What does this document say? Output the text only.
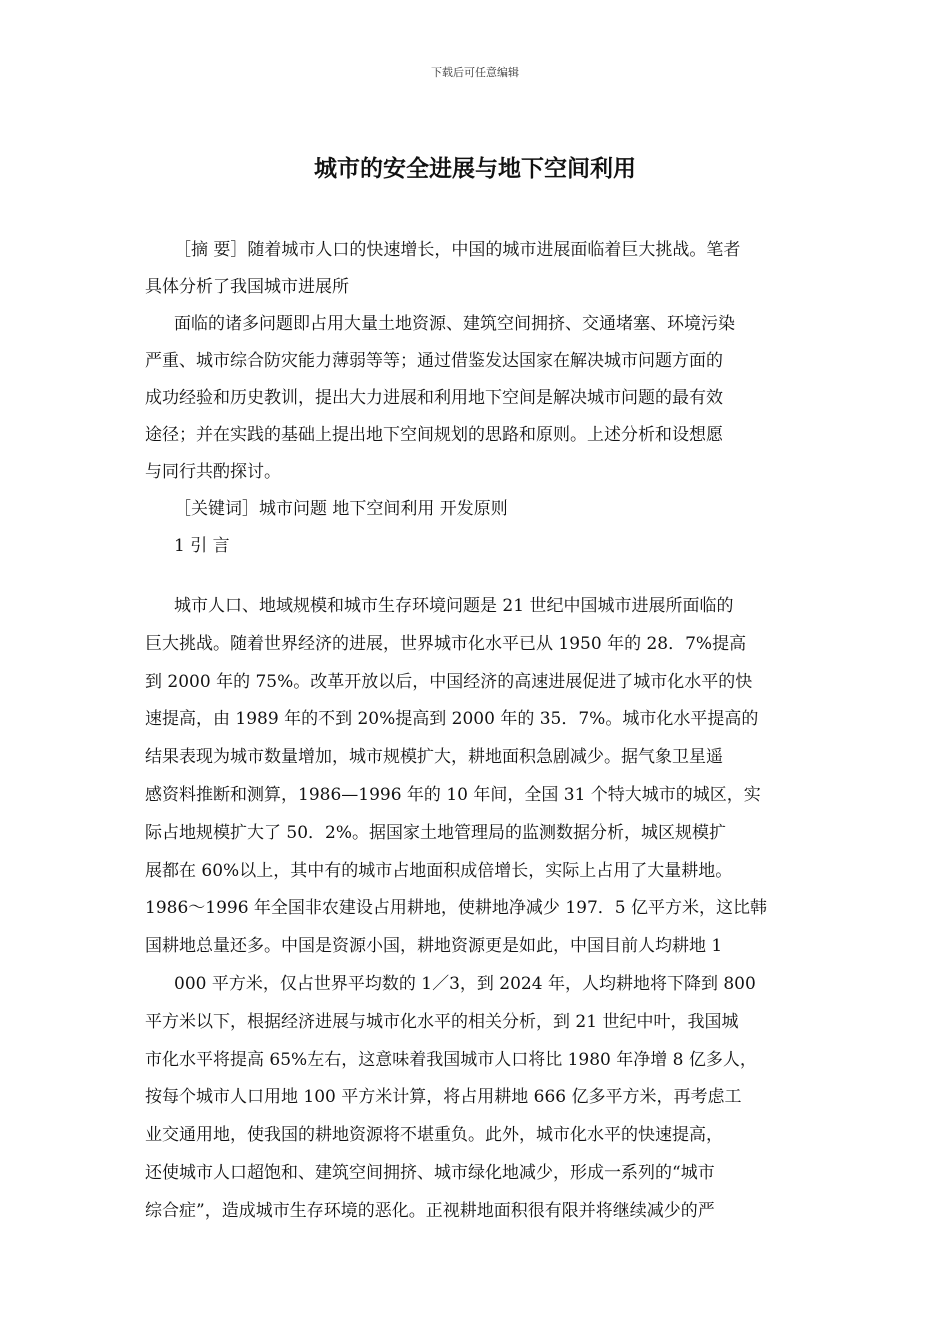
下载后可任意编辑
城市的安全进展与地下空间利用
［摘 要］随着城市人口的快速增长，中国的城市进展面临着巨大挑战。笔者
具体分析了我国城市进展所
面临的诸多问题即占用大量土地资源、建筑空间拥挤、交通堵塞、环境污染
严重、城市综合防灾能力薄弱等等；通过借鉴发达国家在解决城市问题方面的
成功经验和历史教训，提出大力进展和利用地下空间是解决城市问题的最有效
途径；并在实践的基础上提出地下空间规划的思路和原则。上述分析和设想愿
与同行共酌探讨。
［关键词］城市问题 地下空间利用 开发原则
1 引 言
城市人口、地域规模和城市生存环境问题是 21 世纪中国城市进展所面临的
巨大挑战。随着世界经济的进展，世界城市化水平已从 1950 年的 28．7%提高
到 2000 年的 75%。改革开放以后，中国经济的高速进展促进了城市化水平的快
速提高，由 1989 年的不到 20%提高到 2000 年的 35．7%。城市化水平提高的
结果表现为城市数量增加，城市规模扩大，耕地面积急剧减少。据气象卫星遥
感资料推断和测算，1986—1996 年的 10 年间，全国 31 个特大城市的城区，实
际占地规模扩大了 50．2%。据国家土地管理局的监测数据分析，城区规模扩
展都在 60%以上，其中有的城市占地面积成倍增长，实际上占用了大量耕地。
1986～1996 年全国非农建设占用耕地，使耕地净减少 197．5 亿平方米，这比韩
国耕地总量还多。中国是资源小国，耕地资源更是如此，中国目前人均耕地 1
000 平方米，仅占世界平均数的 1／3，到 2024 年，人均耕地将下降到 800
平方米以下，根据经济进展与城市化水平的相关分析，到 21 世纪中叶，我国城
市化水平将提高 65%左右，这意味着我国城市人口将比 1980 年净增 8 亿多人，
按每个城市人口用地 100 平方米计算，将占用耕地 666 亿多平方米，再考虑工
业交通用地，使我国的耕地资源将不堪重负。此外，城市化水平的快速提高，
还使城市人口超饱和、建筑空间拥挤、城市绿化地减少，形成一系列的“城市
综合症”，造成城市生存环境的恶化。正视耕地面积很有限并将继续减少的严
